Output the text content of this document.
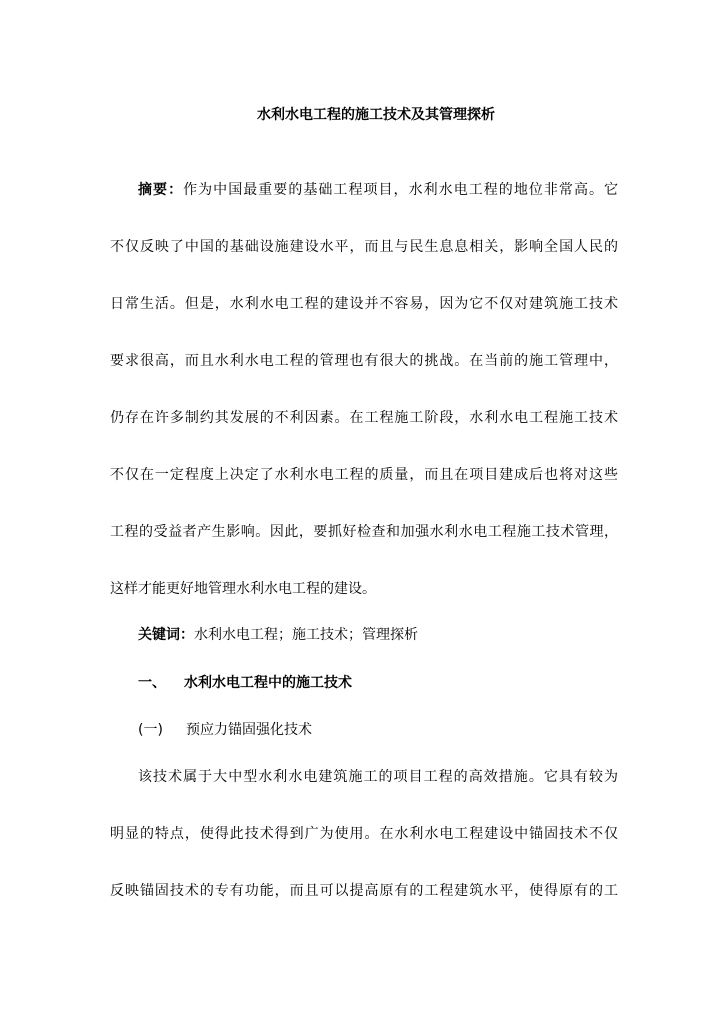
水利水电工程的施工技术及其管理探析
摘要：作为中国最重要的基础工程项目，水利水电工程的地位非常高。它
不仅反映了中国的基础设施建设水平，而且与民生息息相关，影响全国人民的
日常生活。但是，水利水电工程的建设并不容易，因为它不仅对建筑施工技术
要求很高，而且水利水电工程的管理也有很大的挑战。在当前的施工管理中，
仍存在许多制约其发展的不利因素。在工程施工阶段，水利水电工程施工技术
不仅在一定程度上决定了水利水电工程的质量，而且在项目建成后也将对这些
工程的受益者产生影响。因此，要抓好检查和加强水利水电工程施工技术管理，
这样才能更好地管理水利水电工程的建设。
关键词：水利水电工程；施工技术；管理探析
一、 水利水电工程中的施工技术
(一) 预应力锚固强化技术
该技术属于大中型水利水电建筑施工的项目工程的高效措施。它具有较为
明显的特点，使得此技术得到广为使用。在水利水电工程建设中锚固技术不仅
反映锚固技术的专有功能，而且可以提高原有的工程建筑水平，使得原有的工
